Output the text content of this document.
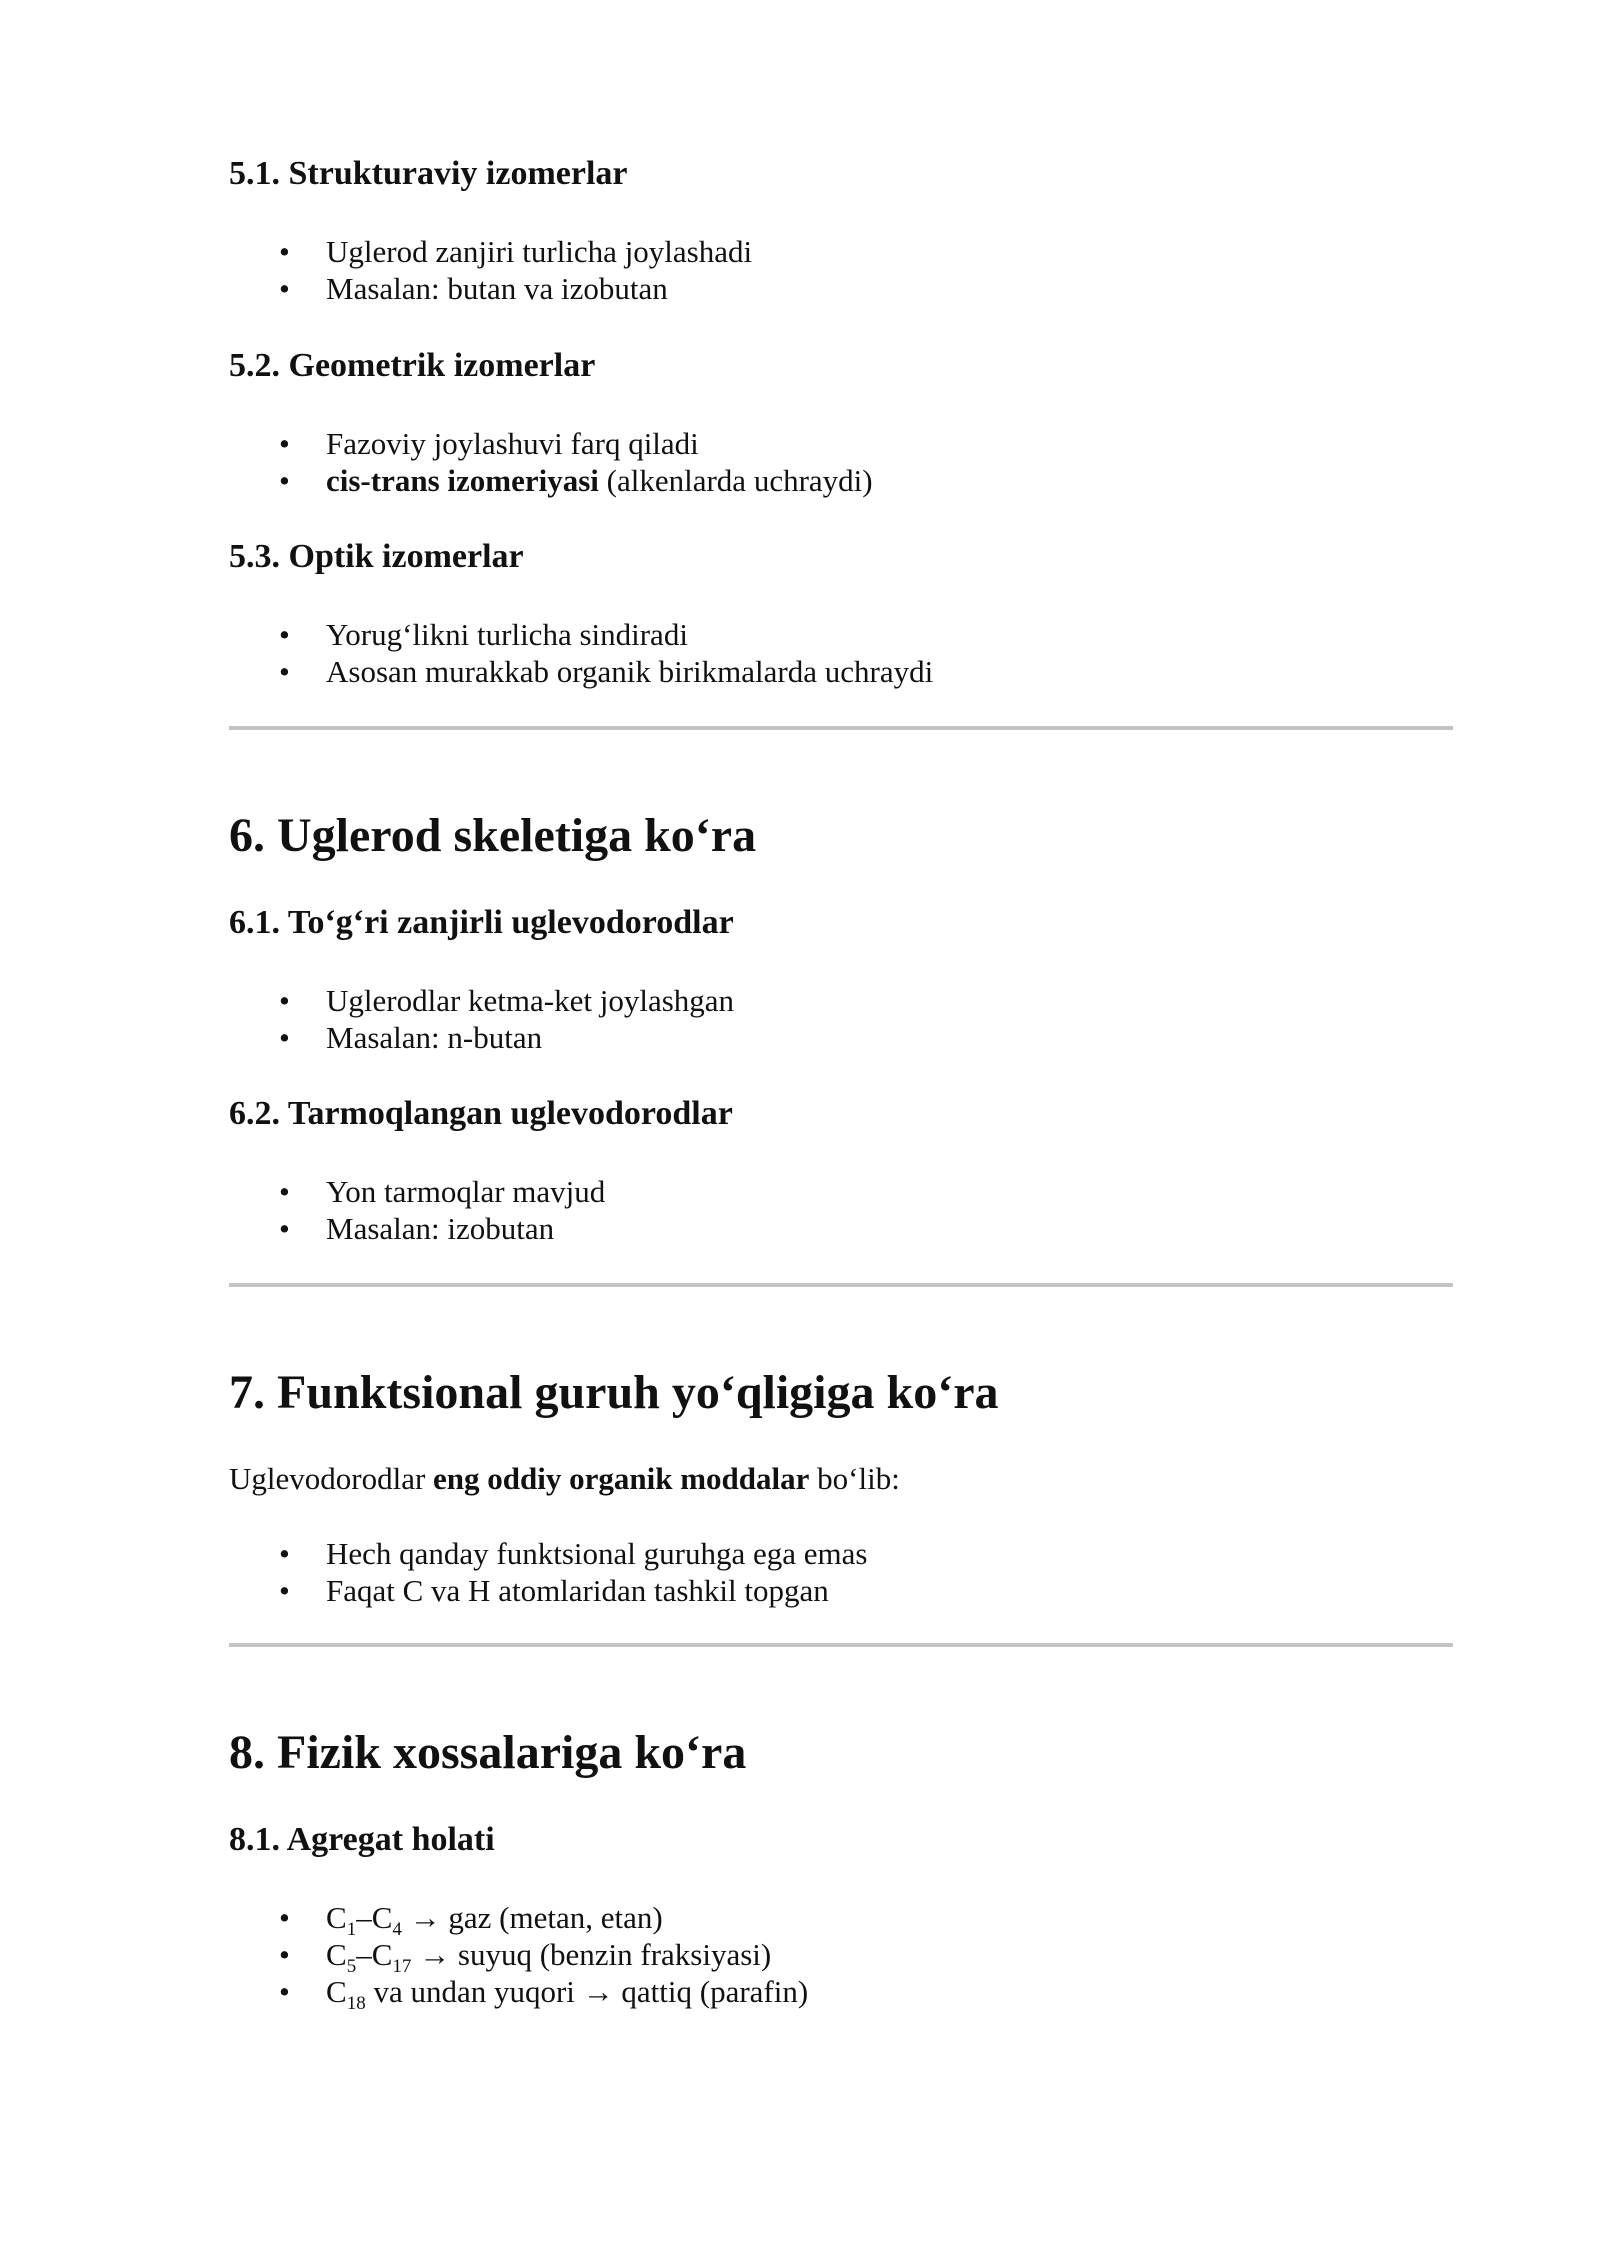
5.1. Strukturaviy izomerlar
• Uglerod zanjiri turlicha joylashadi
• Masalan: butan va izobutan
5.2. Geometrik izomerlar
• Fazoviy joylashuvi farq qiladi
• cis-trans izomeriyasi (alkenlarda uchraydi)
5.3. Optik izomerlar
• Yorug‘likni turlicha sindiradi
• Asosan murakkab organik birikmalarda uchraydi
6. Uglerod skeletiga ko‘ra
6.1. To‘g‘ri zanjirli uglevodorodlar
• Uglerodlar ketma-ket joylashgan
• Masalan: n-butan
6.2. Tarmoqlangan uglevodorodlar
• Yon tarmoqlar mavjud
• Masalan: izobutan
7. Funktsional guruh yo‘qligiga ko‘ra

Uglevodorodlar eng oddiy organik moddalar bo‘lib:

• Hech qanday funktsional guruhga ega emas
• Faqat C va H atomlaridan tashkil topgan
8. Fizik xossalariga ko‘ra
8.1. Agregat holati
• $C_1-C_4$ → gaz (metan, etan)
• $C_5-C_{17}$ → suyuq (benzin fraksiyasi)
• $C_{18}$ va undan yuqori → qattiq (parafin)
